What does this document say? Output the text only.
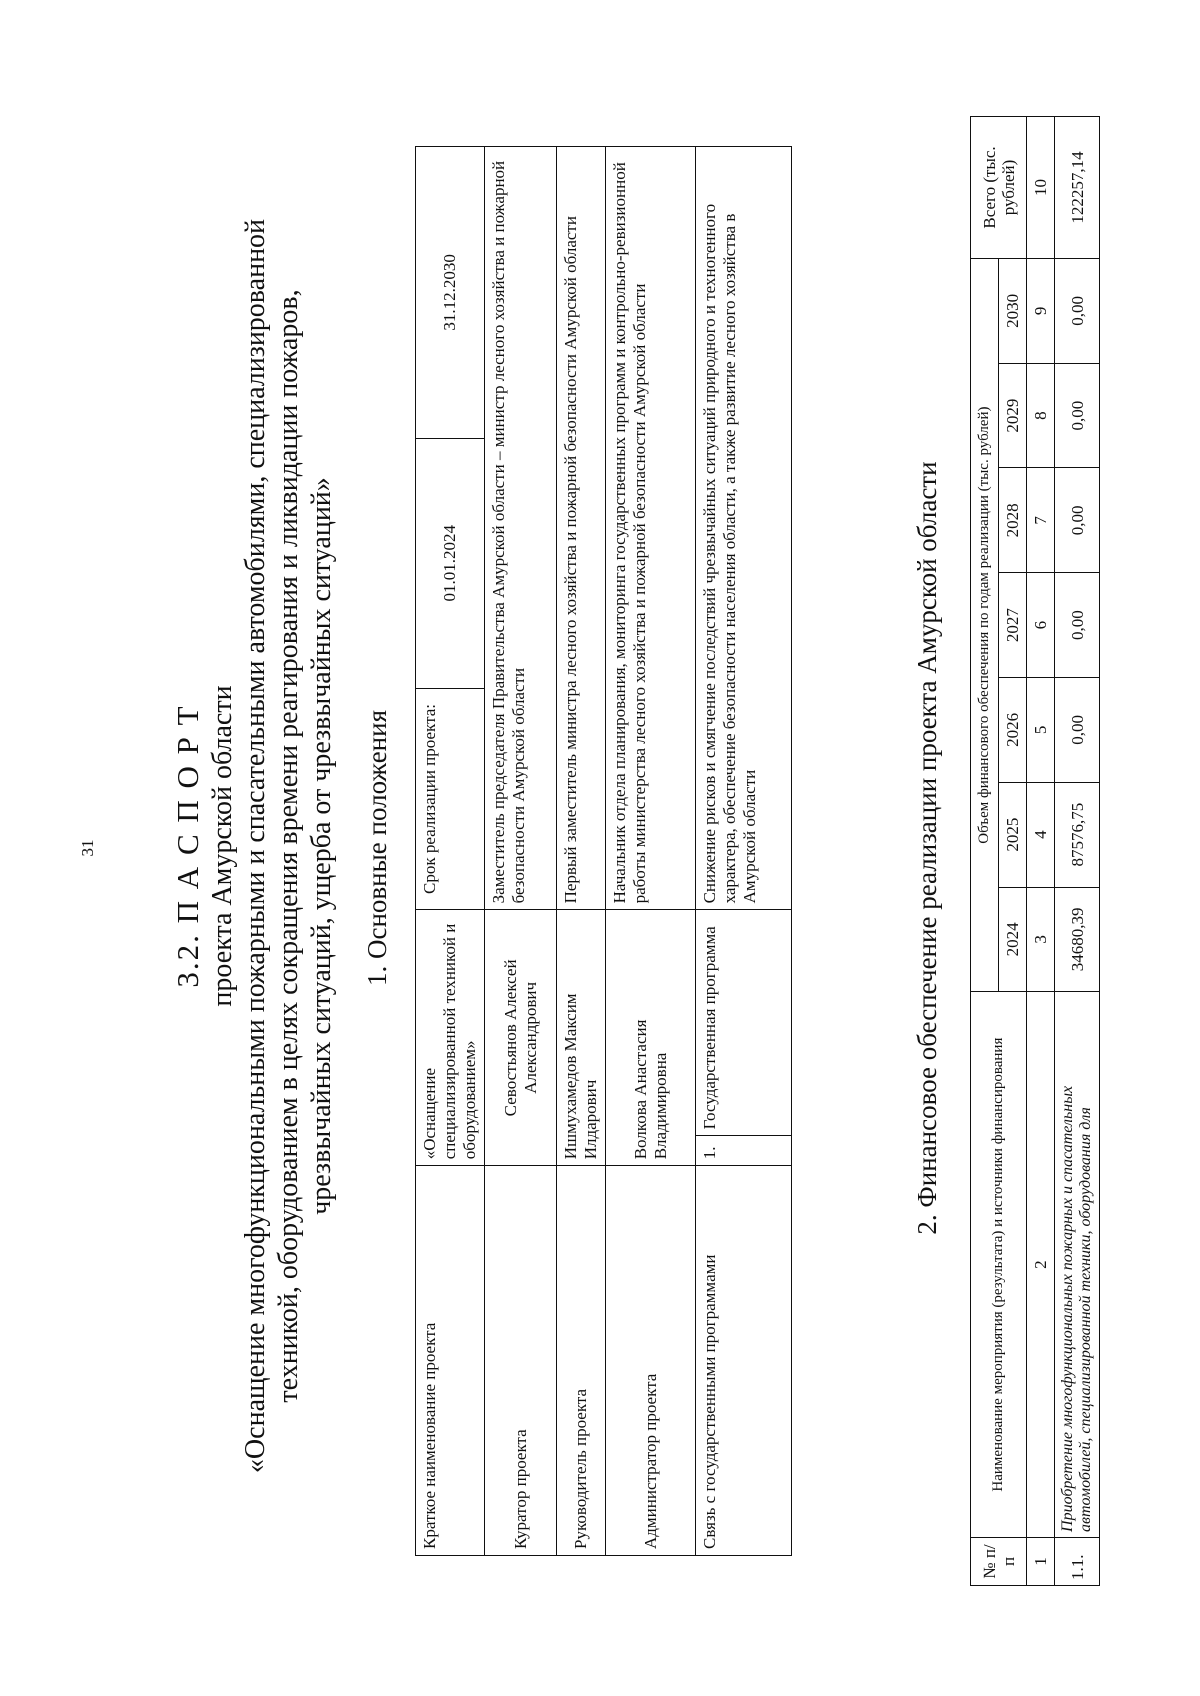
31 3.2. П А С П О Р Т проекта Амурской области «Оснащение многофункциональными пожарными и спасательными автомобилями, специализированной техникой, оборудованием в целях сокращения времени реагирования и ликвидации пожаров, чрезвычайных ситуаций, ущерба от чрезвычайных ситуаций» 1. Основные положения
Краткое наименование проекта	«Оснащение специализированной техникой и оборудованием»		Срок реализации проекта:	01.01.2024	31.12.2030
Куратор проекта	Севостьянов Алексей Александрович		Заместитель председателя Правительства Амурской области – министр лесного хозяйства и пожарной безопасности Амурской области		
Руководитель проекта	Ишмухамедов Максим Илдарович		Первый заместитель министра лесного хозяйства и пожарной безопасности Амурской области		
Администратор проекта	Волкова Анастасия Владимировна		Начальник отдела планирования, мониторинга государственных программ и контрольно-ревизионной работы министерства лесного хозяйства и пожарной безопасности Амурской области		
Связь с государственными программами	1.	Государственная программа	Снижение рисков и смягчение последствий чрезвычайных ситуаций природного и техногенного характера, обеспечение безопасности населения области, а также развитие лесного хозяйства в Амурской области			2. Финансовое обеспечение реализации проекта Амурской области
№ п/п	Наименование мероприятия (результата) и источники финансирования	Объем финансового обеспечения по годам реализации (тыс. рублей)							Всего (тыс. рублей)
		2024	2025	2026	2027	2028	2029	2030	
1	2	3	4	5	6	7	8	9	10
1.1.	Приобретение многофункциональных пожарных и спасательных автомобилей, специализированной техники, оборудования для	34680,39	87576,75	0,00	0,00	0,00	0,00	0,00	122257,14
